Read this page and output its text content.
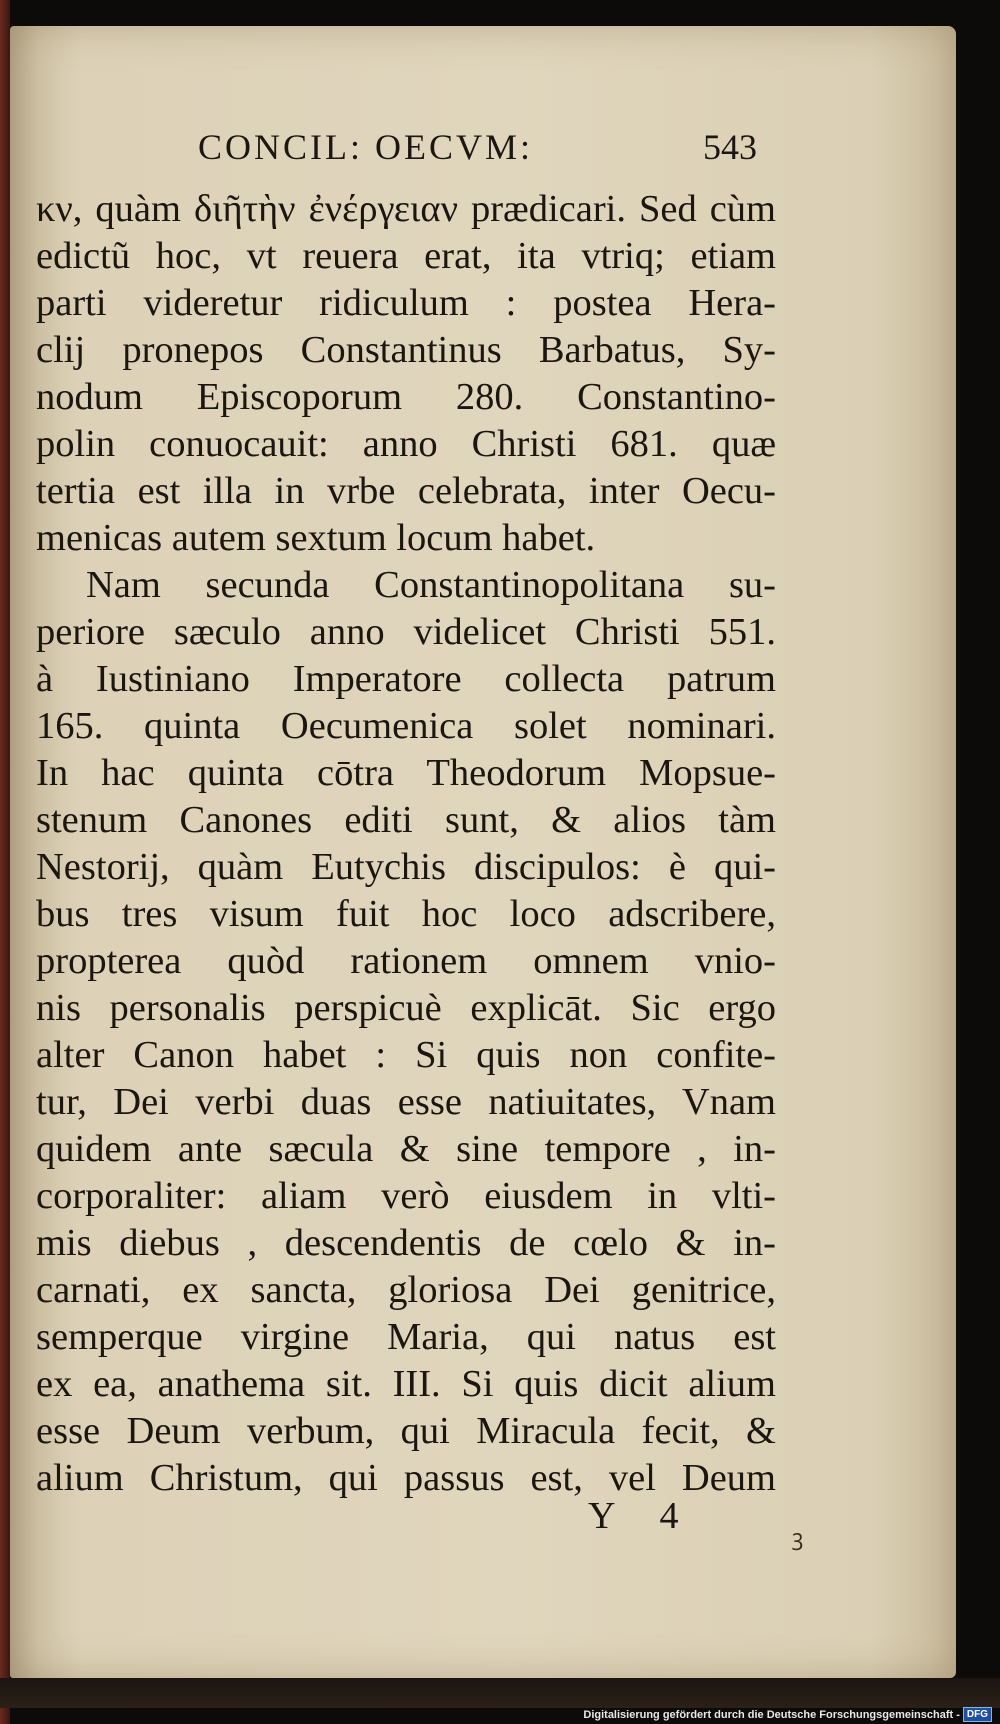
CONCIL: OECVM:	543
κν, quàm διῆτὴν ἐνέργειαν prædicari. Sed cùm
edictũ hoc, vt reuera erat, ita vtriq; etiam
parti videretur ridiculum : postea Hera-
clij pronepos Constantinus Barbatus, Sy-
nodum Episcoporum 280. Constantino-
polin conuocauit: anno Christi 681. quæ
tertia est illa in vrbe celebrata, inter Oecu-
menicas autem sextum locum habet.
Nam secunda Constantinopolitana su-
periore sæculo anno videlicet Christi 551.
à Iustiniano Imperatore collecta patrum
165. quinta Oecumenica solet nominari.
In hac quinta cōtra Theodorum Mopsue-
stenum Canones editi sunt, & alios tàm
Nestorij, quàm Eutychis discipulos: è qui-
bus tres visum fuit hoc loco adscribere,
propterea quòd rationem omnem vnio-
nis personalis perspicuè explicāt. Sic ergo
alter Canon habet : Si quis non confite-
tur, Dei verbi duas esse natiuitates, Vnam
quidem ante sæcula & sine tempore , in-
corporaliter: aliam verò eiusdem in vlti-
mis diebus , descendentis de cœlo & in-
carnati, ex sancta, gloriosa Dei genitrice,
semperque virgine Maria, qui natus est
ex ea, anathema sit. III. Si quis dicit alium
esse Deum verbum, qui Miracula fecit, &
alium Christum, qui passus est, vel Deum
Y 4
ꝫ
Digitalisierung gefördert durch die Deutsche Forschungsgemeinschaft - DFG
